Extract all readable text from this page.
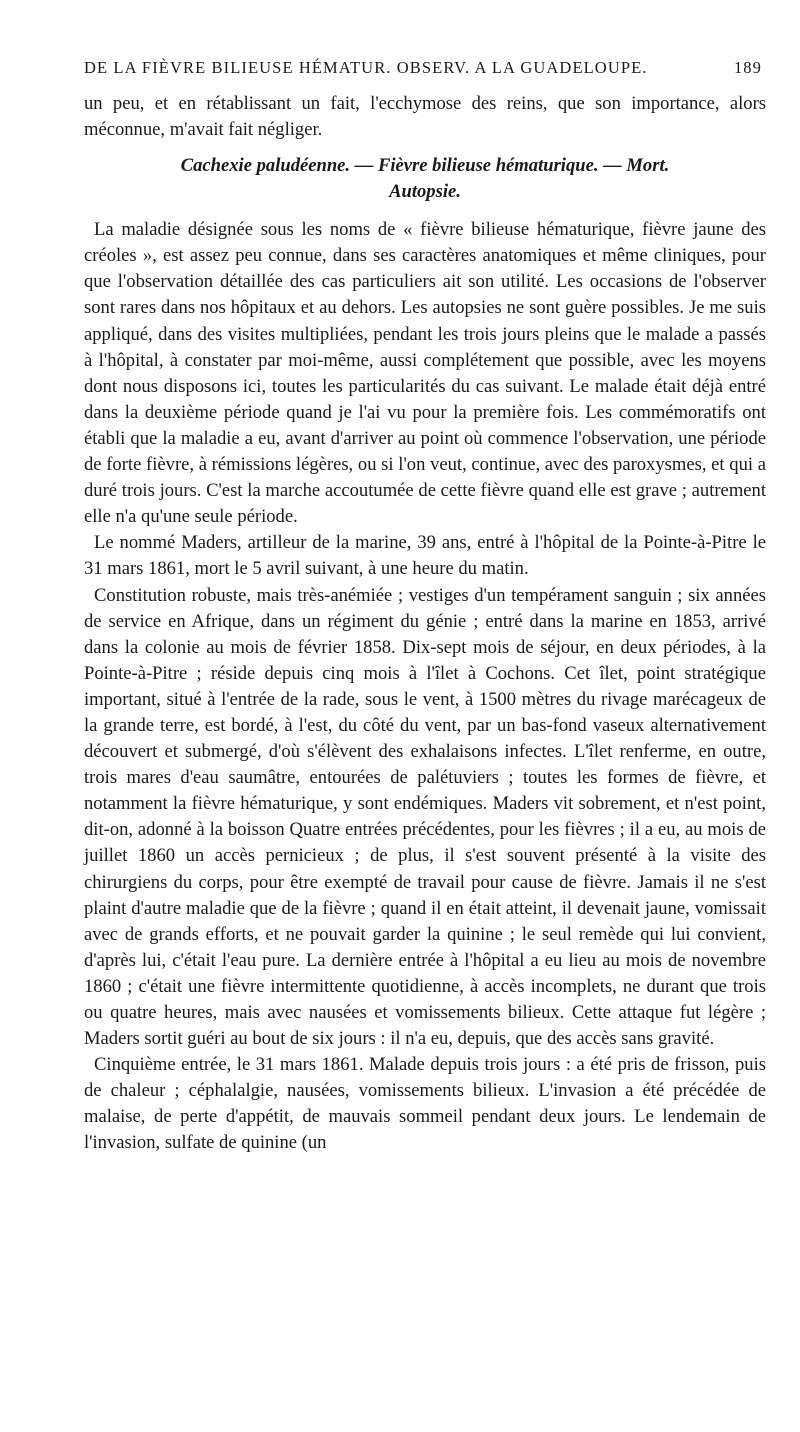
DE LA FIÈVRE BILIEUSE HÉMATUR. OBSERV. A LA GUADELOUPE.	189

un peu, et en rétablissant un fait, l'ecchymose des reins, que son importance, alors méconnue, m'avait fait négliger.

Cachexie paludéenne. — Fièvre bilieuse hématurique. — Mort.
Autopsie.

La maladie désignée sous les noms de « fièvre bilieuse hématurique, fièvre jaune des créoles », est assez peu connue, dans ses caractères anatomiques et même cliniques, pour que l'observation détaillée des cas particuliers ait son utilité. Les occasions de l'observer sont rares dans nos hôpitaux et au dehors. Les autopsies ne sont guère possibles. Je me suis appliqué, dans des visites multipliées, pendant les trois jours pleins que le malade a passés à l'hôpital, à constater par moi-même, aussi complétement que possible, avec les moyens dont nous disposons ici, toutes les particularités du cas suivant. Le malade était déjà entré dans la deuxième période quand je l'ai vu pour la première fois. Les commémoratifs ont établi que la maladie a eu, avant d'arriver au point où commence l'observation, une période de forte fièvre, à rémissions légères, ou si l'on veut, continue, avec des paroxysmes, et qui a duré trois jours. C'est la marche accoutumée de cette fièvre quand elle est grave ; autrement elle n'a qu'une seule période.

Le nommé Maders, artilleur de la marine, 39 ans, entré à l'hôpital de la Pointe-à-Pitre le 31 mars 1861, mort le 5 avril suivant, à une heure du matin.

Constitution robuste, mais très-anémiée ; vestiges d'un tempérament sanguin ; six années de service en Afrique, dans un régiment du génie ; entré dans la marine en 1853, arrivé dans la colonie au mois de février 1858. Dix-sept mois de séjour, en deux périodes, à la Pointe-à-Pitre ; réside depuis cinq mois à l'îlet à Cochons. Cet îlet, point stratégique important, situé à l'entrée de la rade, sous le vent, à 1500 mètres du rivage marécageux de la grande terre, est bordé, à l'est, du côté du vent, par un bas-fond vaseux alternativement découvert et submergé, d'où s'élèvent des exhalaisons infectes. L'îlet renferme, en outre, trois mares d'eau saumâtre, entourées de palétuviers ; toutes les formes de fièvre, et notamment la fièvre hématurique, y sont endémiques. Maders vit sobrement, et n'est point, dit-on, adonné à la boisson Quatre entrées précédentes, pour les fièvres ; il a eu, au mois de juillet 1860 un accès pernicieux ; de plus, il s'est souvent présenté à la visite des chirurgiens du corps, pour être exempté de travail pour cause de fièvre. Jamais il ne s'est plaint d'autre maladie que de la fièvre ; quand il en était atteint, il devenait jaune, vomissait avec de grands efforts, et ne pouvait garder la quinine ; le seul remède qui lui convient, d'après lui, c'était l'eau pure. La dernière entrée à l'hôpital a eu lieu au mois de novembre 1860 ; c'était une fièvre intermittente quotidienne, à accès incomplets, ne durant que trois ou quatre heures, mais avec nausées et vomissements bilieux. Cette attaque fut légère ; Maders sortit guéri au bout de six jours : il n'a eu, depuis, que des accès sans gravité.

Cinquième entrée, le 31 mars 1861. Malade depuis trois jours : a été pris de frisson, puis de chaleur ; céphalalgie, nausées, vomissements bilieux. L'invasion a été précédée de malaise, de perte d'appétit, de mauvais sommeil pendant deux jours. Le lendemain de l'invasion, sulfate de quinine (un
